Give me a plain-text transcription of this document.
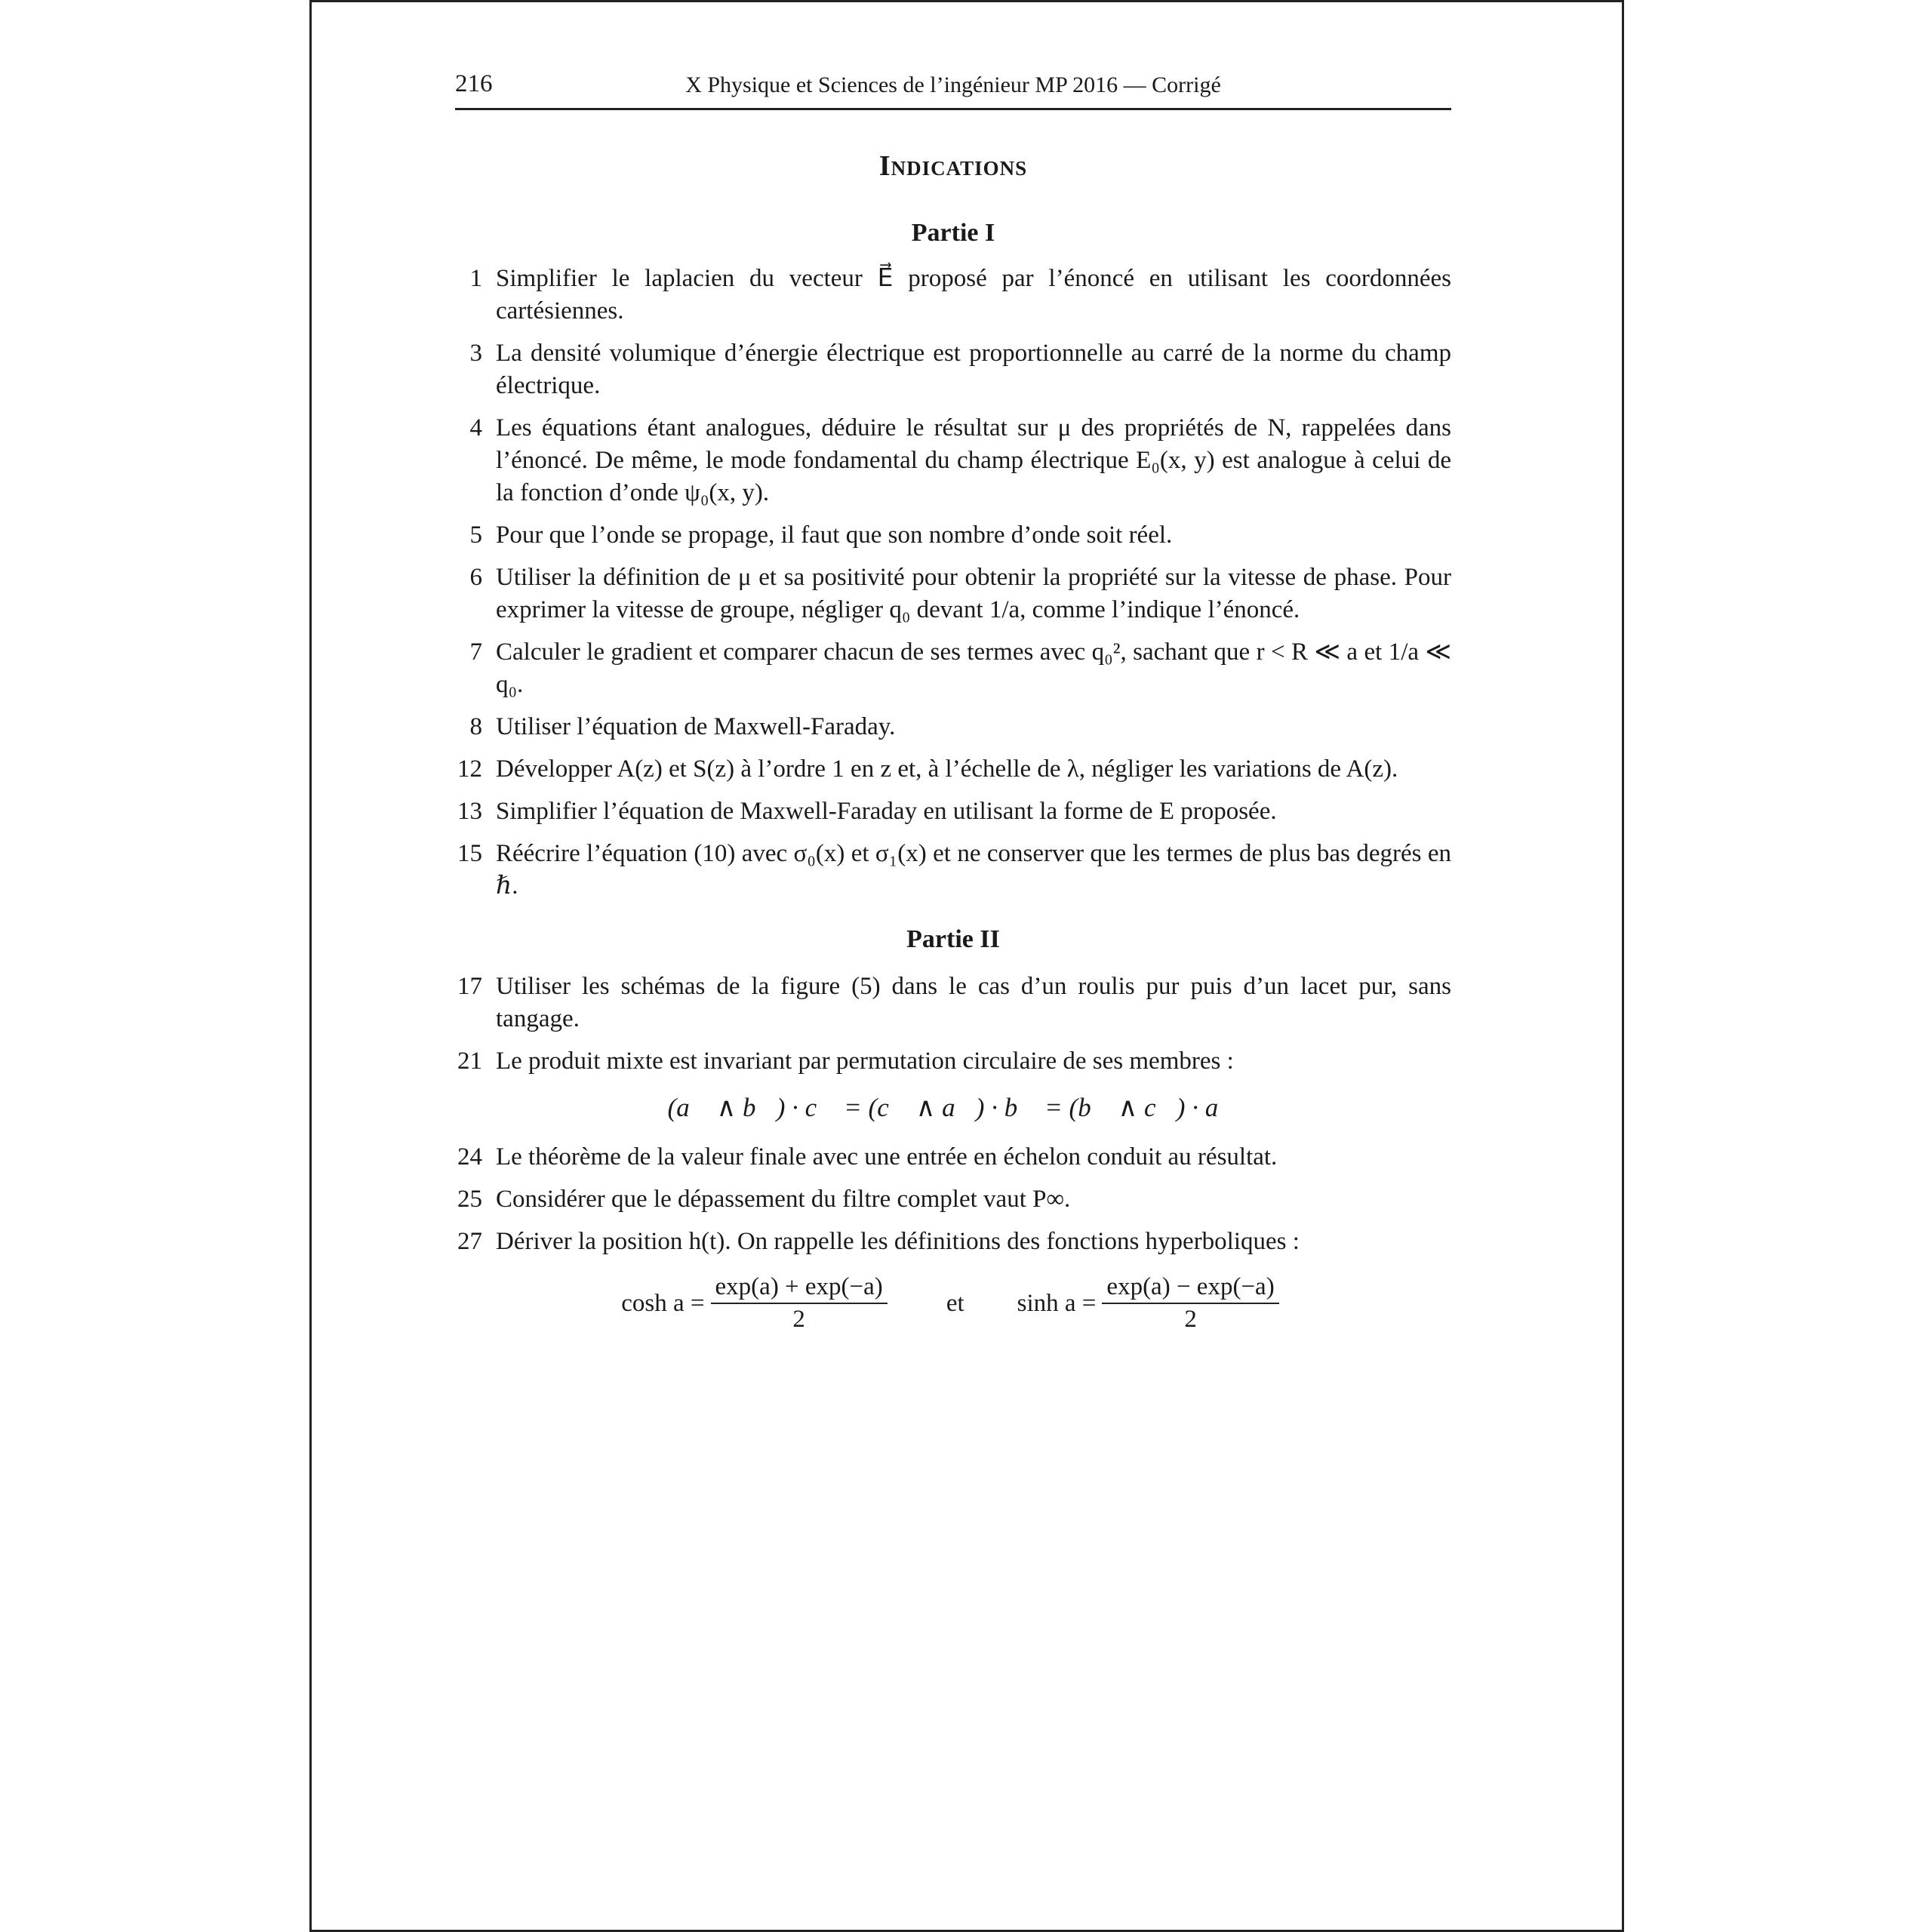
216	X Physique et Sciences de l’ingénieur MP 2016 — Corrigé
Indications
Partie I
1 Simplifier le laplacien du vecteur E⃗ proposé par l’énoncé en utilisant les coordonnées cartésiennes.
3 La densité volumique d’énergie électrique est proportionnelle au carré de la norme du champ électrique.
4 Les équations étant analogues, déduire le résultat sur μ des propriétés de N, rappelées dans l’énoncé. De même, le mode fondamental du champ électrique E₀(x, y) est analogue à celui de la fonction d’onde ψ₀(x, y).
5 Pour que l’onde se propage, il faut que son nombre d’onde soit réel.
6 Utiliser la définition de μ et sa positivité pour obtenir la propriété sur la vitesse de phase. Pour exprimer la vitesse de groupe, négliger q₀ devant 1/a, comme l’indique l’énoncé.
7 Calculer le gradient et comparer chacun de ses termes avec q₀², sachant que r < R ≪ a et 1/a ≪ q₀.
8 Utiliser l’équation de Maxwell-Faraday.
12 Développer A(z) et S(z) à l’ordre 1 en z et, à l’échelle de λ, négliger les variations de A(z).
13 Simplifier l’équation de Maxwell-Faraday en utilisant la forme de E proposée.
15 Réécrire l’équation (10) avec σ₀(x) et σ₁(x) et ne conserver que les termes de plus bas degrés en ℏ.
Partie II
17 Utiliser les schémas de la figure (5) dans le cas d’un roulis pur puis d’un lacet pur, sans tangage.
21 Le produit mixte est invariant par permutation circulaire de ses membres :
(a⃗ ∧ b⃗) · c⃗ = (c⃗ ∧ a⃗) · b⃗ = (b⃗ ∧ c⃗) · a⃗
24 Le théorème de la valeur finale avec une entrée en échelon conduit au résultat.
25 Considérer que le dépassement du filtre complet vaut P∞.
27 Dériver la position h(t). On rappelle les définitions des fonctions hyperboliques :
$\cosh a = \frac{\exp(a) + \exp(-a)}{2}$ et $\sinh a = \frac{\exp(a) - \exp(-a)}{2}$
